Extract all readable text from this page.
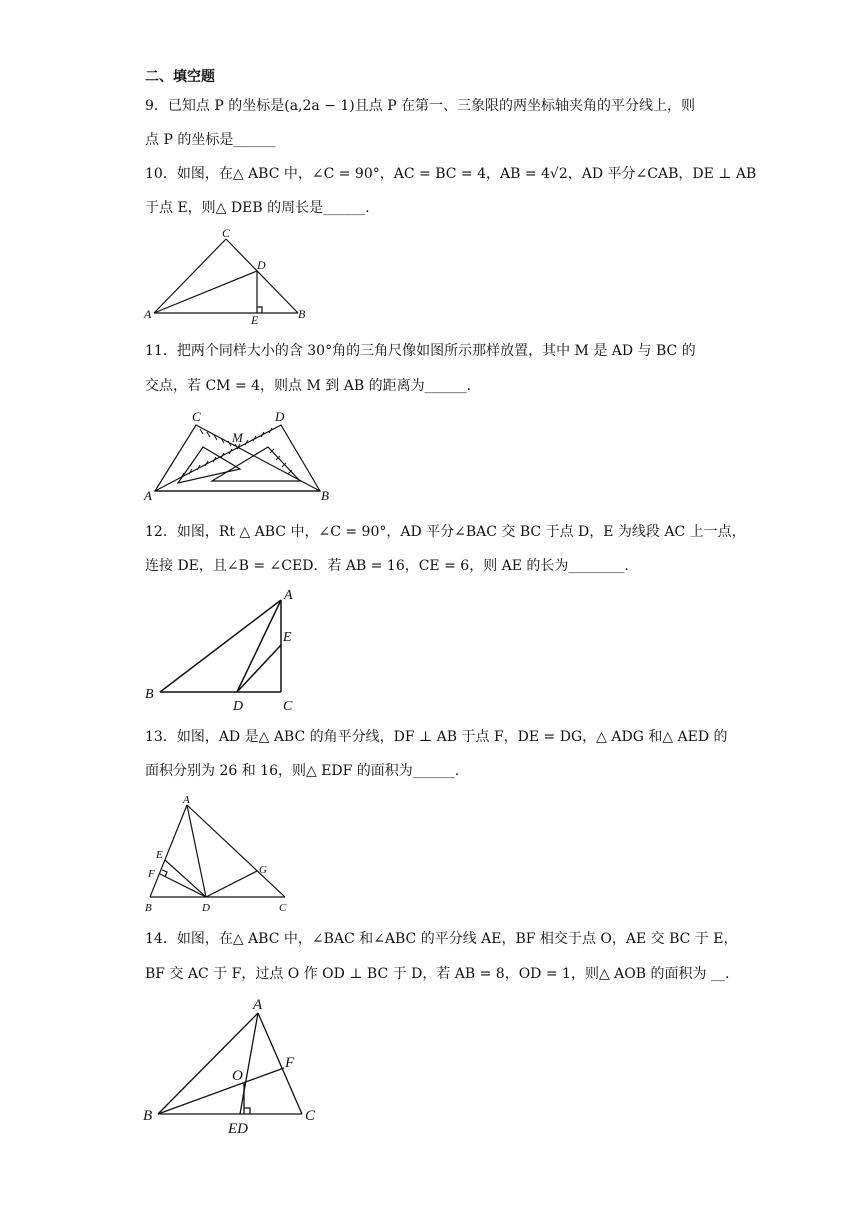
二、填空题
9．已知点 P 的坐标是(a,2a − 1)且点 P 在第一、三象限的两坐标轴夹角的平分线上，则
点 P 的坐标是______
10．如图，在△ ABC 中，∠C = 90°，AC = BC = 4，AB = 4√2，AD 平分∠CAB，DE ⊥ AB
于点 E，则△ DEB 的周长是______.
C
D
A	E	B
11．把两个同样大小的含 30°角的三角尺像如图所示那样放置，其中 M 是 AD 与 BC 的
交点，若 CM = 4，则点 M 到 AB 的距离为______.
C	D
M
A	B
12．如图，Rt △ ABC 中，∠C = 90°，AD 平分∠BAC 交 BC 于点 D，E 为线段 AC 上一点，
连接 DE，且∠B = ∠CED．若 AB = 16，CE = 6，则 AE 的长为________.
A
E
B
D	C
13．如图，AD 是△ ABC 的角平分线，DF ⊥ AB 于点 F，DE = DG，△ ADG 和△ AED 的
面积分别为 26 和 16，则△ EDF 的面积为______.
A
E
F	G
B	D	C
14．如图，在△ ABC 中，∠BAC 和∠ABC 的平分线 AE，BF 相交于点 O，AE 交 BC 于 E，
BF 交 AC 于 F，过点 O 作 OD ⊥ BC 于 D，若 AB = 8，OD = 1，则△ AOB 的面积为 __.
A
F
O
B	C
ED
